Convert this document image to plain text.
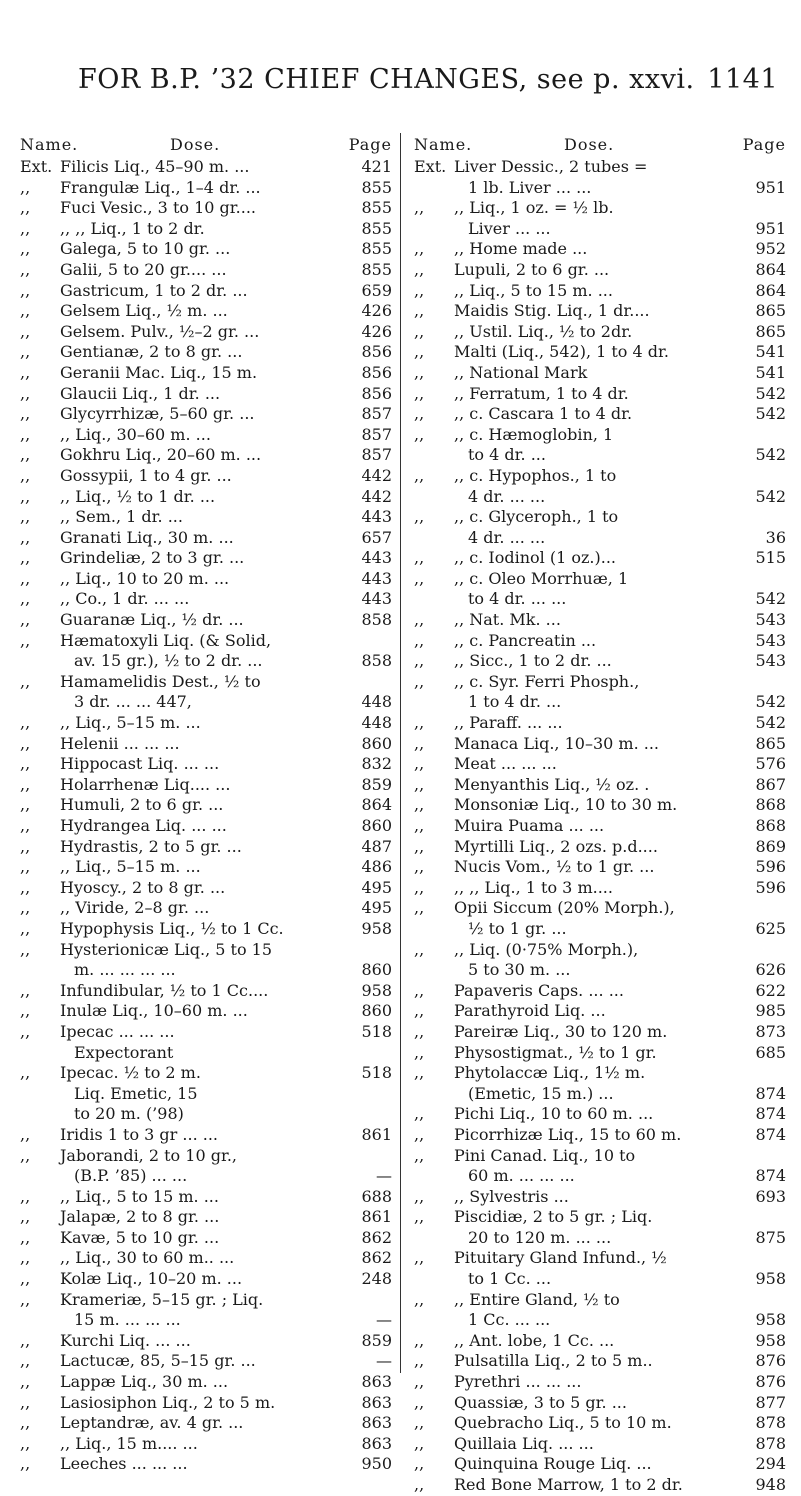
FOR B.P. ’32 CHIEF CHANGES, see p. xxvi. 1141
Name.	Dose.	Page
Ext. Filicis Liq., 45–90 m. ...	421
,,	Frangulæ Liq., 1–4 dr. ...	855
,,	Fuci Vesic., 3 to 10 gr....	855
,,	,, ,, Liq., 1 to 2 dr.	855
,,	Galega, 5 to 10 gr. ...	855
,,	Galii, 5 to 20 gr.... ...	855
,,	Gastricum, 1 to 2 dr. ...	659
,,	Gelsem Liq., ½ m. ...	426
,,	Gelsem. Pulv., ½–2 gr. ...	426
,,	Gentianæ, 2 to 8 gr. ...	856
,,	Geranii Mac. Liq., 15 m.	856
,,	Glaucii Liq., 1 dr. ...	856
,,	Glycyrrhizæ, 5–60 gr. ...	857
,,	,, Liq., 30–60 m. ...	857
,,	Gokhru Liq., 20–60 m. ...	857
,,	Gossypii, 1 to 4 gr. ...	442
,,	,, Liq., ½ to 1 dr. ...	442
,,	,, Sem., 1 dr. ...	443
,,	Granati Liq., 30 m. ...	657
,,	Grindeliæ, 2 to 3 gr. ...	443
,,	,, Liq., 10 to 20 m. ...	443
,,	,, Co., 1 dr. ... ...	443
,,	Guaranæ Liq., ½ dr. ...	858
,,	Hæmatoxyli Liq. (& Solid,
av. 15 gr.), ½ to 2 dr. ...	858
,,	Hamamelidis Dest., ½ to
3 dr. ... ... 447,	448
,,	,, Liq., 5–15 m. ...	448
,,	Helenii ... ... ...	860
,,	Hippocast Liq. ... ...	832
,,	Holarrhenæ Liq.... ...	859
,,	Humuli, 2 to 6 gr. ...	864
,,	Hydrangea Liq. ... ...	860
,,	Hydrastis, 2 to 5 gr. ...	487
,,	,, Liq., 5–15 m. ...	486
,,	Hyoscy., 2 to 8 gr. ...	495
,,	,, Viride, 2–8 gr. ...	495
,,	Hypophysis Liq., ½ to 1 Cc.	958
,,	Hysterionicæ Liq., 5 to 15
m. ... ... ... ...	860
,,	Infundibular, ½ to 1 Cc....	958
,,	Inulæ Liq., 10–60 m. ...	860
,,	Ipecac ... ... ...	518
Expectorant
,,	Ipecac. ½ to 2 m.	518
Liq. Emetic, 15
to 20 m. (’98)
,,	Iridis 1 to 3 gr ... ...	861
,,	Jaborandi, 2 to 10 gr.,
(B.P. ’85) ... ...	—
,,	,, Liq., 5 to 15 m. ...	688
,,	Jalapæ, 2 to 8 gr. ...	861
,,	Kavæ, 5 to 10 gr. ...	862
,,	,, Liq., 30 to 60 m.. ...	862
,,	Kolæ Liq., 10–20 m. ...	248
,,	Krameriæ, 5–15 gr. ; Liq.
15 m. ... ... ...	—
,,	Kurchi Liq. ... ...	859
,,	Lactucæ, 85, 5–15 gr. ...	—
,,	Lappæ Liq., 30 m. ...	863
,,	Lasiosiphon Liq., 2 to 5 m.	863
,,	Leptandræ, av. 4 gr. ...	863
,,	,, Liq., 15 m.... ...	863
,,	Leeches ... ... ...	950
Name.	Dose.	Page
Ext. Liver Dessic., 2 tubes =
1 lb. Liver ... ...	951
,,	,, Liq., 1 oz. = ½ lb.
Liver ... ...	951
,,	,, Home made ...	952
,,	Lupuli, 2 to 6 gr. ...	864
,,	,, Liq., 5 to 15 m. ...	864
,,	Maidis Stig. Liq., 1 dr....	865
,,	,, Ustil. Liq., ½ to 2dr.	865
,,	Malti (Liq., 542), 1 to 4 dr.	541
,,	,, National Mark	541
,,	,, Ferratum, 1 to 4 dr.	542
,,	,, c. Cascara 1 to 4 dr.	542
,,	,, c. Hæmoglobin, 1
to 4 dr. ...	542
,,	,, c. Hypophos., 1 to
4 dr. ... ...	542
,,	,, c. Glyceroph., 1 to
4 dr. ... ...	36
,,	,, c. Iodinol (1 oz.)...	515
,,	,, c. Oleo Morrhuæ, 1
to 4 dr. ... ...	542
,,	,, Nat. Mk. ...	543
,,	,, c. Pancreatin ...	543
,,	,, Sicc., 1 to 2 dr. ...	543
,,	,, c. Syr. Ferri Phosph.,
1 to 4 dr. ...	542
,,	,, Paraff. ... ...	542
,,	Manaca Liq., 10–30 m. ...	865
,,	Meat ... ... ...	576
,,	Menyanthis Liq., ½ oz. .	867
,,	Monsoniæ Liq., 10 to 30 m.	868
,,	Muira Puama ... ...	868
,,	Myrtilli Liq., 2 ozs. p.d....	869
,,	Nucis Vom., ½ to 1 gr. ...	596
,,	,, ,, Liq., 1 to 3 m....	596
,,	Opii Siccum (20% Morph.),
½ to 1 gr. ...	625
,,	,, Liq. (0·75% Morph.),
5 to 30 m. ...	626
,,	Papaveris Caps. ... ...	622
,,	Parathyroid Liq. ...	985
,,	Pareiræ Liq., 30 to 120 m.	873
,,	Physostigmat., ½ to 1 gr.	685
,,	Phytolaccæ Liq., 1½ m.
(Emetic, 15 m.) ...	874
,,	Pichi Liq., 10 to 60 m. ...	874
,,	Picorrhizæ Liq., 15 to 60 m.	874
,,	Pini Canad. Liq., 10 to
60 m. ... ... ...	874
,,	,, Sylvestris ...	693
,,	Piscidiæ, 2 to 5 gr. ; Liq.
20 to 120 m. ... ...	875
,,	Pituitary Gland Infund., ½
to 1 Cc. ...	958
,,	,, Entire Gland, ½ to
1 Cc. ... ...	958
,,	,, Ant. lobe, 1 Cc. ...	958
,,	Pulsatilla Liq., 2 to 5 m..	876
,,	Pyrethri ... ... ...	876
,,	Quassiæ, 3 to 5 gr. ...	877
,,	Quebracho Liq., 5 to 10 m.	878
,,	Quillaia Liq. ... ...	878
,,	Quinquina Rouge Liq. ...	294
,,	Red Bone Marrow, 1 to 2 dr.	948
